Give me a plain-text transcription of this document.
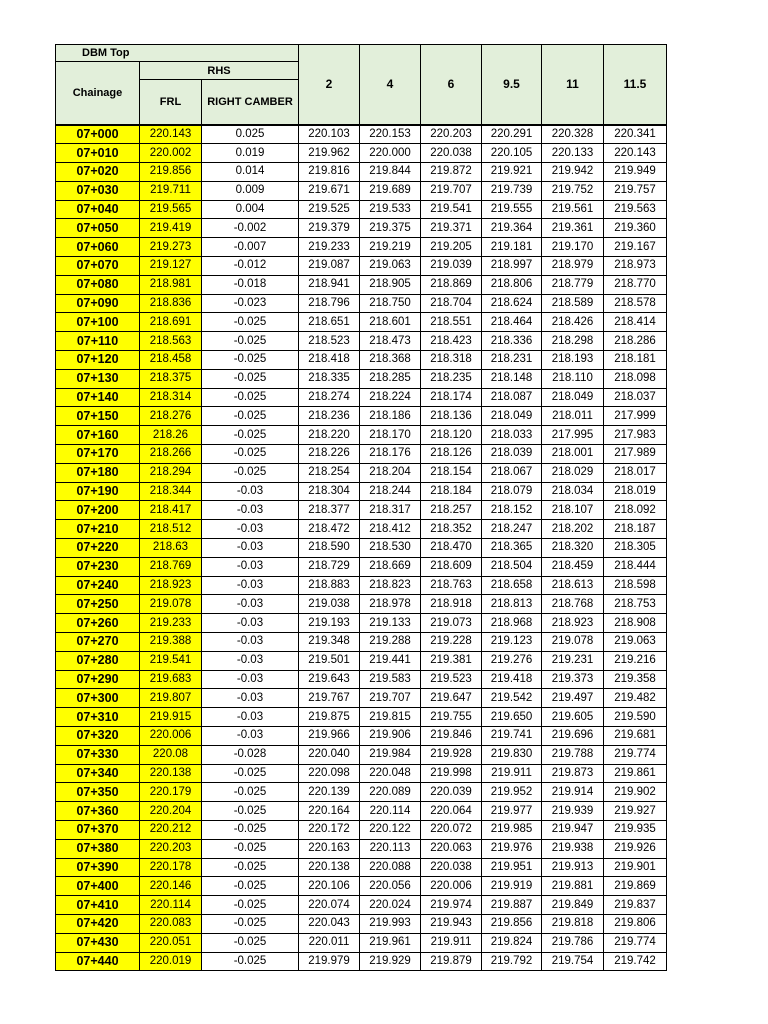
DBM Top			2	4	6	9.5	11	11.5
Chainage	RHS							
	FRL	RIGHT CAMBER						
07+000	220.143	0.025	220.103	220.153	220.203	220.291	220.328	220.341
07+010	220.002	0.019	219.962	220.000	220.038	220.105	220.133	220.143
07+020	219.856	0.014	219.816	219.844	219.872	219.921	219.942	219.949
07+030	219.711	0.009	219.671	219.689	219.707	219.739	219.752	219.757
07+040	219.565	0.004	219.525	219.533	219.541	219.555	219.561	219.563
07+050	219.419	-0.002	219.379	219.375	219.371	219.364	219.361	219.360
07+060	219.273	-0.007	219.233	219.219	219.205	219.181	219.170	219.167
07+070	219.127	-0.012	219.087	219.063	219.039	218.997	218.979	218.973
07+080	218.981	-0.018	218.941	218.905	218.869	218.806	218.779	218.770
07+090	218.836	-0.023	218.796	218.750	218.704	218.624	218.589	218.578
07+100	218.691	-0.025	218.651	218.601	218.551	218.464	218.426	218.414
07+110	218.563	-0.025	218.523	218.473	218.423	218.336	218.298	218.286
07+120	218.458	-0.025	218.418	218.368	218.318	218.231	218.193	218.181
07+130	218.375	-0.025	218.335	218.285	218.235	218.148	218.110	218.098
07+140	218.314	-0.025	218.274	218.224	218.174	218.087	218.049	218.037
07+150	218.276	-0.025	218.236	218.186	218.136	218.049	218.011	217.999
07+160	218.26	-0.025	218.220	218.170	218.120	218.033	217.995	217.983
07+170	218.266	-0.025	218.226	218.176	218.126	218.039	218.001	217.989
07+180	218.294	-0.025	218.254	218.204	218.154	218.067	218.029	218.017
07+190	218.344	-0.03	218.304	218.244	218.184	218.079	218.034	218.019
07+200	218.417	-0.03	218.377	218.317	218.257	218.152	218.107	218.092
07+210	218.512	-0.03	218.472	218.412	218.352	218.247	218.202	218.187
07+220	218.63	-0.03	218.590	218.530	218.470	218.365	218.320	218.305
07+230	218.769	-0.03	218.729	218.669	218.609	218.504	218.459	218.444
07+240	218.923	-0.03	218.883	218.823	218.763	218.658	218.613	218.598
07+250	219.078	-0.03	219.038	218.978	218.918	218.813	218.768	218.753
07+260	219.233	-0.03	219.193	219.133	219.073	218.968	218.923	218.908
07+270	219.388	-0.03	219.348	219.288	219.228	219.123	219.078	219.063
07+280	219.541	-0.03	219.501	219.441	219.381	219.276	219.231	219.216
07+290	219.683	-0.03	219.643	219.583	219.523	219.418	219.373	219.358
07+300	219.807	-0.03	219.767	219.707	219.647	219.542	219.497	219.482
07+310	219.915	-0.03	219.875	219.815	219.755	219.650	219.605	219.590
07+320	220.006	-0.03	219.966	219.906	219.846	219.741	219.696	219.681
07+330	220.08	-0.028	220.040	219.984	219.928	219.830	219.788	219.774
07+340	220.138	-0.025	220.098	220.048	219.998	219.911	219.873	219.861
07+350	220.179	-0.025	220.139	220.089	220.039	219.952	219.914	219.902
07+360	220.204	-0.025	220.164	220.114	220.064	219.977	219.939	219.927
07+370	220.212	-0.025	220.172	220.122	220.072	219.985	219.947	219.935
07+380	220.203	-0.025	220.163	220.113	220.063	219.976	219.938	219.926
07+390	220.178	-0.025	220.138	220.088	220.038	219.951	219.913	219.901
07+400	220.146	-0.025	220.106	220.056	220.006	219.919	219.881	219.869
07+410	220.114	-0.025	220.074	220.024	219.974	219.887	219.849	219.837
07+420	220.083	-0.025	220.043	219.993	219.943	219.856	219.818	219.806
07+430	220.051	-0.025	220.011	219.961	219.911	219.824	219.786	219.774
07+440	220.019	-0.025	219.979	219.929	219.879	219.792	219.754	219.742
